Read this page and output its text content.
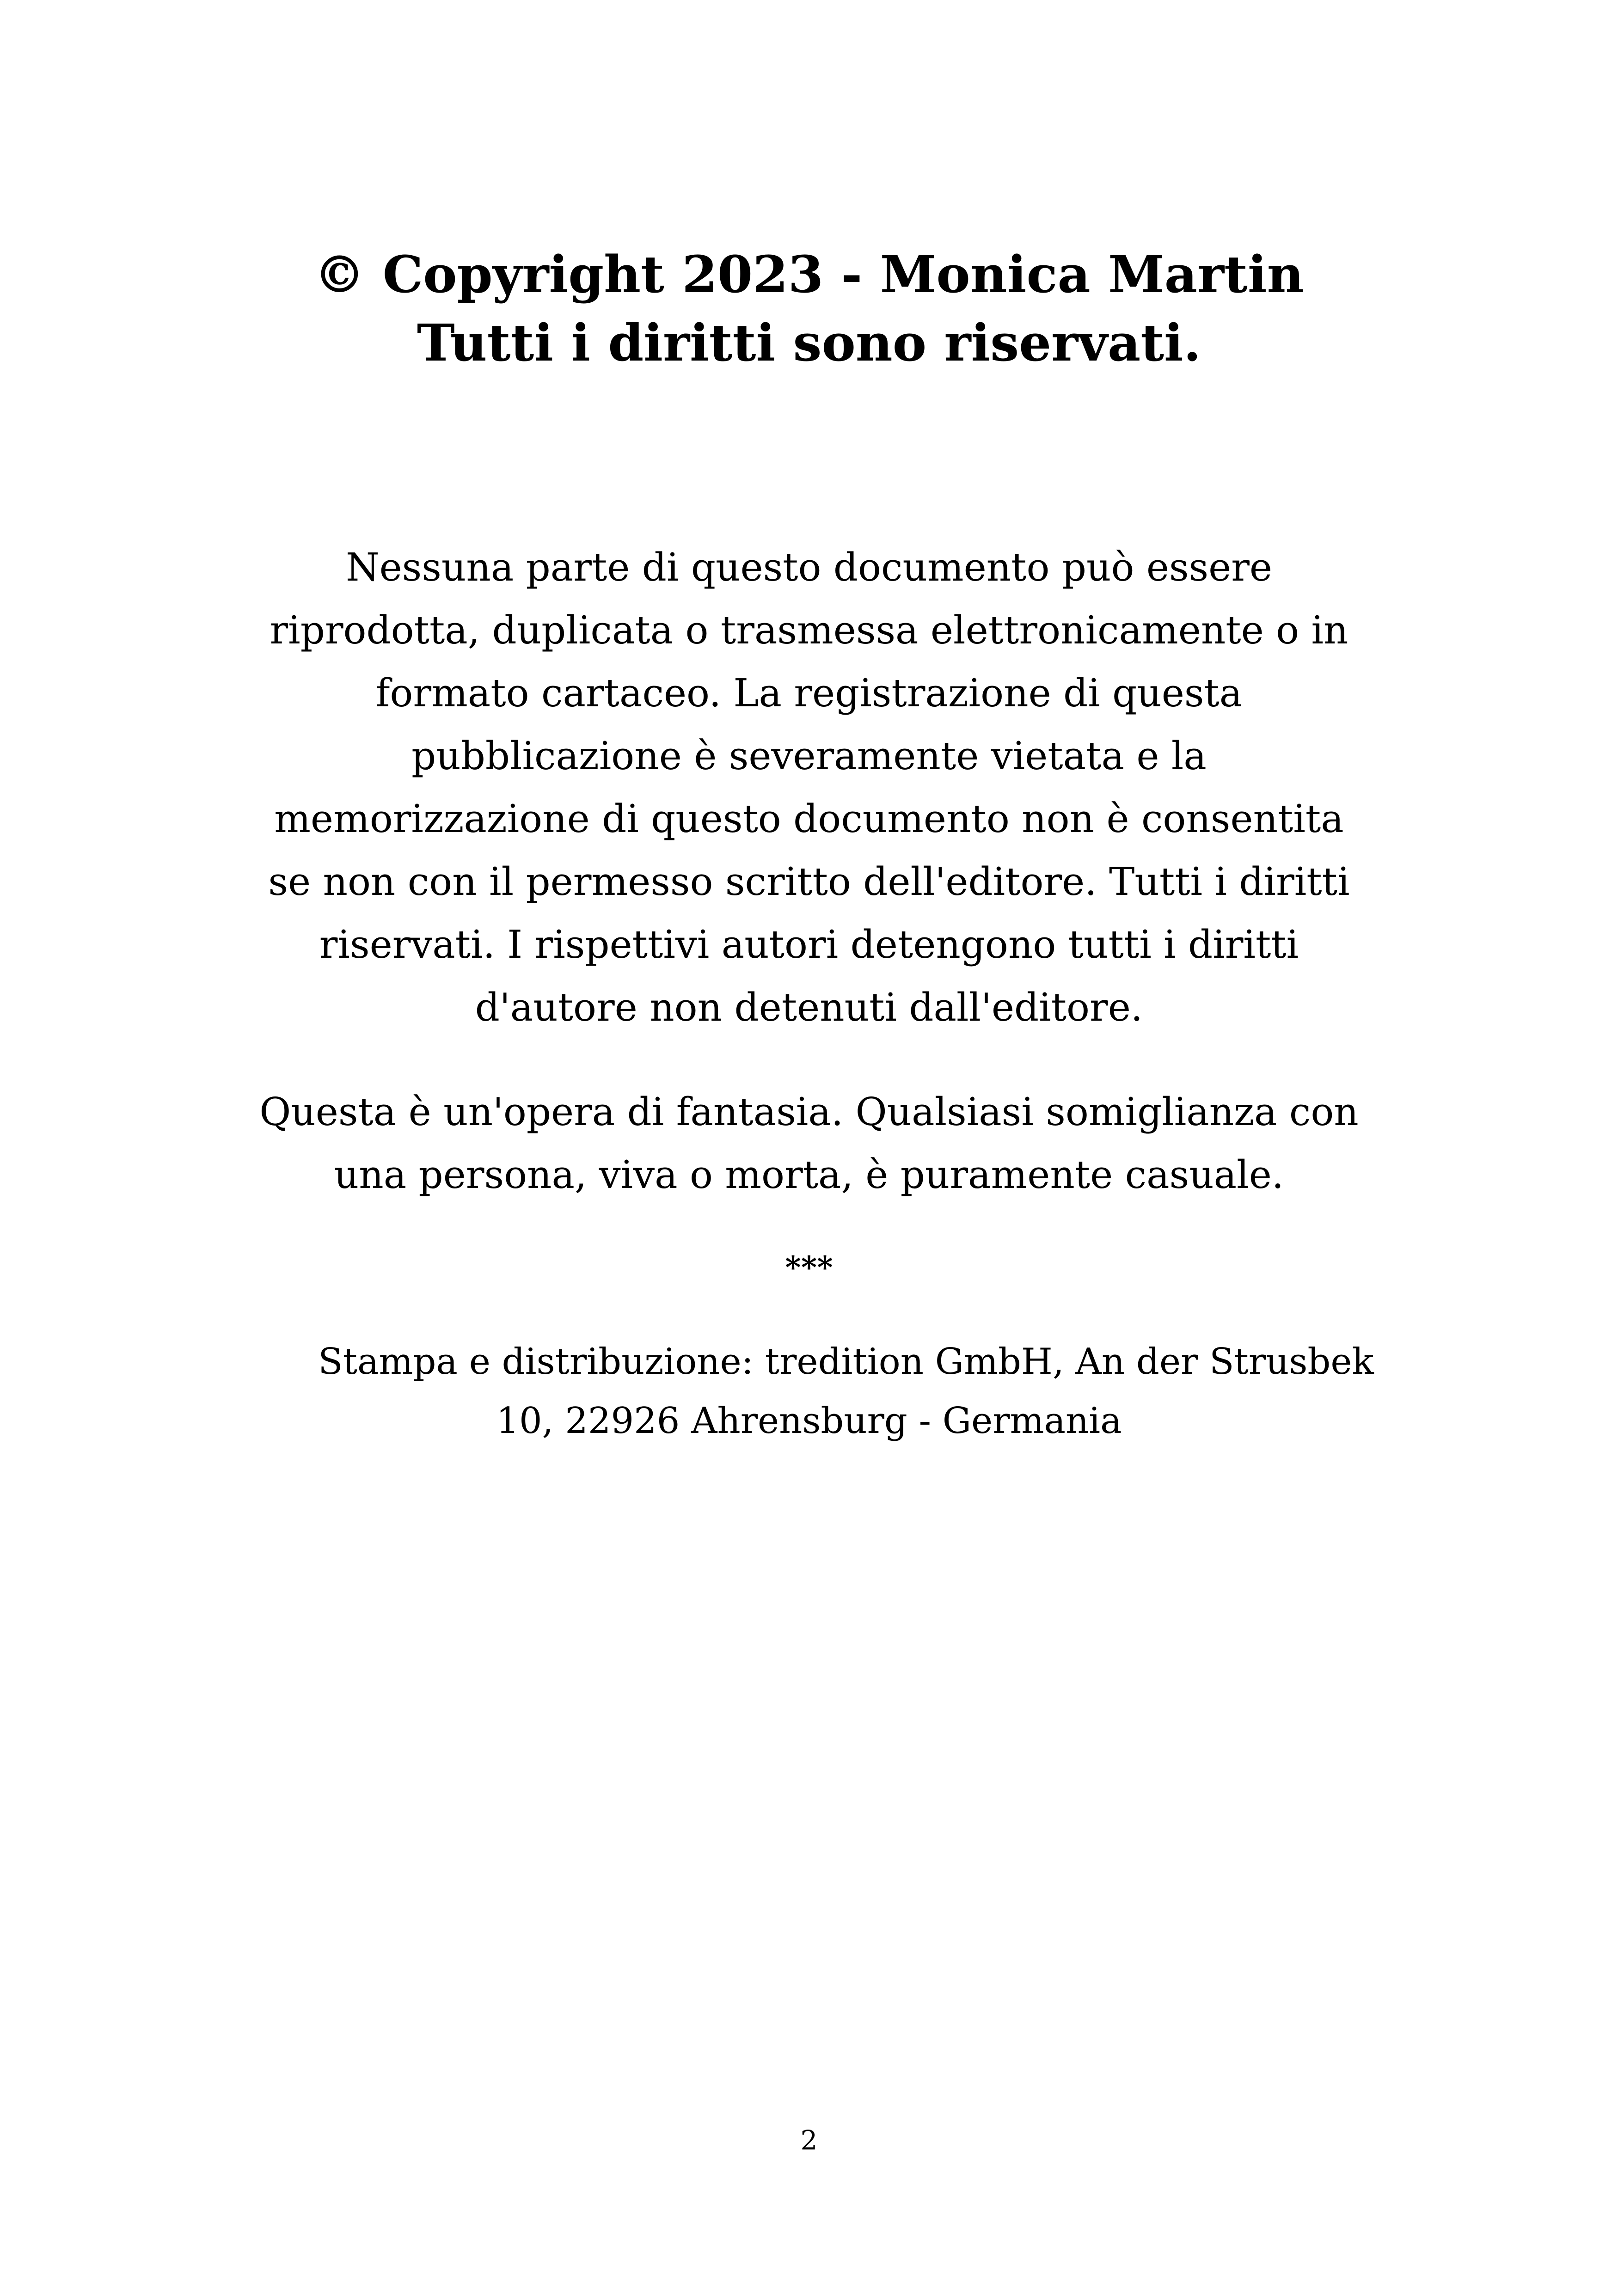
© Copyright 2023 - Monica Martin
Tutti i diritti sono riservati.

Nessuna parte di questo documento può essere
riprodotta, duplicata o trasmessa elettronicamente o in
formato cartaceo. La registrazione di questa
pubblicazione è severamente vietata e la
memorizzazione di questo documento non è consentita
se non con il permesso scritto dell'editore. Tutti i diritti
riservati. I rispettivi autori detengono tutti i diritti
d'autore non detenuti dall'editore.

Questa è un'opera di fantasia. Qualsiasi somiglianza con
una persona, viva o morta, è puramente casuale.

***
Stampa e distribuzione: tredition GmbH, An der Strusbek
10, 22926 Ahrensburg - Germania
2
